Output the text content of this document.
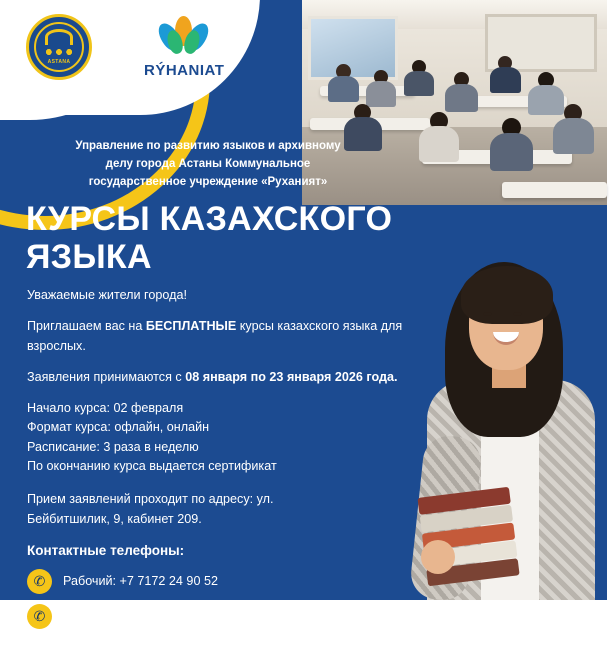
ASTANA	RÝHANIAT
Управление по развитию языков и архивному
делу города Астаны Коммунальное
государственное учреждение «Руханият»
КУРСЫ КАЗАХСКОГО
ЯЗЫКА

Уважаемые жители города!

Приглашаем вас на БЕСПЛАТНЫЕ курсы казахского языка для
взрослых.

Заявления принимаются с 08 января по 23 января 2026 года.

Начало курса: 02 февраля
Формат курса: офлайн, онлайн
Расписание: 3 раза в неделю
По окончанию курса выдается сертификат

Прием заявлений проходит по адресу: ул.
Бейбитшилик, 9, кабинет 209.

Контактные телефоны:
✆	Рабочий: +7 7172 24 90 52
✆	Сотовый:+7 707 497 7143
+7 747 248 82 20
